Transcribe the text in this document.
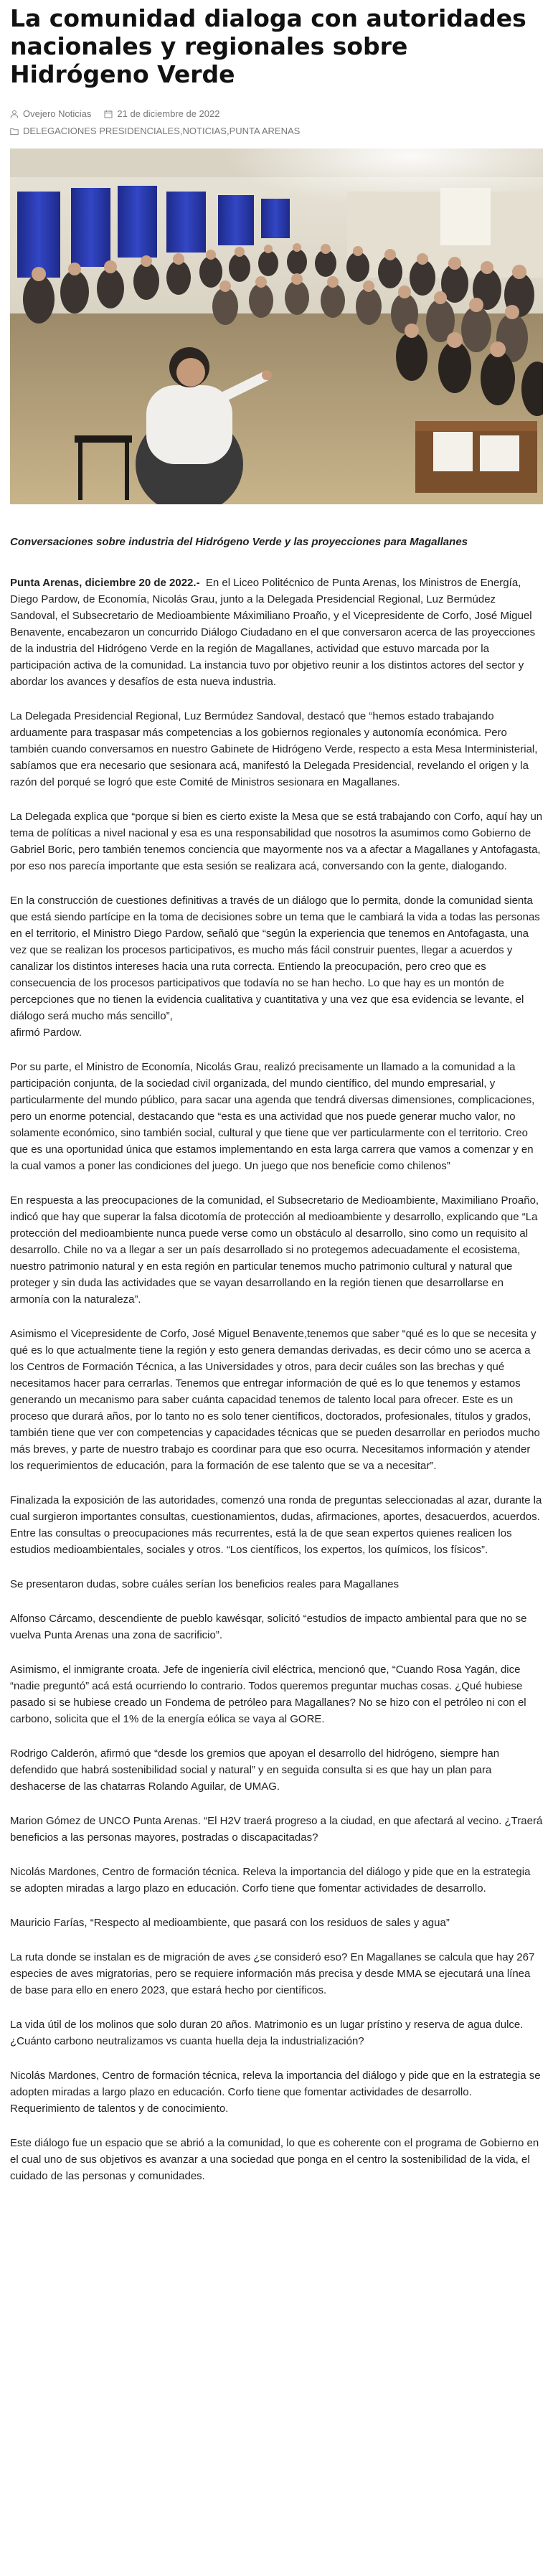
La comunidad dialoga con autoridades nacionales y regionales sobre Hidrógeno Verde
Ovejero Noticias	21 de diciembre de 2022
DELEGACIONES PRESIDENCIALES , NOTICIAS , PUNTA ARENAS
Conversaciones sobre industria del Hidrógeno Verde y las proyecciones para Magallanes

Punta Arenas, diciembre 20 de 2022.- En el Liceo Politécnico de Punta Arenas, los Ministros de Energía, Diego Pardow, de Economía, Nicolás Grau, junto a la Delegada Presidencial Regional, Luz Bermúdez Sandoval, el Subsecretario de Medioambiente Máximiliano Proaño, y el Vicepresidente de Corfo, José Miguel Benavente, encabezaron un concurrido Diálogo Ciudadano en el que conversaron acerca de las proyecciones de la industria del Hidrógeno Verde en la región de Magallanes, actividad que estuvo marcada por la participación activa de la comunidad. La instancia tuvo por objetivo reunir a los distintos actores del sector y abordar los avances y desafíos de esta nueva industria.

La Delegada Presidencial Regional, Luz Bermúdez Sandoval, destacó que “hemos estado trabajando arduamente para traspasar más competencias a los gobiernos regionales y autonomía económica. Pero también cuando conversamos en nuestro Gabinete de Hidrógeno Verde, respecto a esta Mesa Interministerial, sabíamos que era necesario que sesionara acá, manifestó la Delegada Presidencial, revelando el origen y la razón del porqué se logró que este Comité de Ministros sesionara en Magallanes.

La Delegada explica que “porque si bien es cierto existe la Mesa que se está trabajando con Corfo, aquí hay un tema de políticas a nivel nacional y esa es una responsabilidad que nosotros la asumimos como Gobierno de Gabriel Boric, pero también tenemos conciencia que mayormente nos va a afectar a Magallanes y Antofagasta, por eso nos parecía importante que esta sesión se realizara acá, conversando con la gente, dialogando.

En la construcción de cuestiones definitivas a través de un diálogo que lo permita, donde la comunidad sienta que está siendo partícipe en la toma de decisiones sobre un tema que le cambiará la vida a todas las personas en el territorio, el Ministro Diego Pardow, señaló que “según la experiencia que tenemos en Antofagasta, una vez que se realizan los procesos participativos, es mucho más fácil construir puentes, llegar a acuerdos y canalizar los distintos intereses hacia una ruta correcta. Entiendo la preocupación, pero creo que es consecuencia de los procesos participativos que todavía no se han hecho. Lo que hay es un montón de percepciones que no tienen la evidencia cualitativa y cuantitativa y una vez que esa evidencia se levante, el diálogo será mucho más sencillo”,
afirmó Pardow.

Por su parte, el Ministro de Economía, Nicolás Grau, realizó precisamente un llamado a la comunidad a la participación conjunta, de la sociedad civil organizada, del mundo científico, del mundo empresarial, y particularmente del mundo público, para sacar una agenda que tendrá diversas dimensiones, complicaciones, pero un enorme potencial, destacando que “esta es una actividad que nos puede generar mucho valor, no solamente económico, sino también social, cultural y que tiene que ver particularmente con el territorio. Creo que es una oportunidad única que estamos implementando en esta larga carrera que vamos a comenzar y en la cual vamos a poner las condiciones del juego. Un juego que nos beneficie como chilenos”

En respuesta a las preocupaciones de la comunidad, el Subsecretario de Medioambiente, Maximiliano Proaño, indicó que hay que superar la falsa dicotomía de protección al medioambiente y desarrollo, explicando que “La protección del medioambiente nunca puede verse como un obstáculo al desarrollo, sino como un requisito al desarrollo. Chile no va a llegar a ser un país desarrollado si no protegemos adecuadamente el ecosistema, nuestro patrimonio natural y en esta región en particular tenemos mucho patrimonio cultural y natural que proteger y sin duda las actividades que se vayan desarrollando en la región tienen que desarrollarse en armonía con la naturaleza”.

Asimismo el Vicepresidente de Corfo, José Miguel Benavente,tenemos que saber “qué es lo que se necesita y qué es lo que actualmente tiene la región y esto genera demandas derivadas, es decir cómo uno se acerca a los Centros de Formación Técnica, a las Universidades y otros, para decir cuáles son las brechas y qué necesitamos hacer para cerrarlas. Tenemos que entregar información de qué es lo que tenemos y estamos generando un mecanismo para saber cuánta capacidad tenemos de talento local para ofrecer. Este es un proceso que durará años, por lo tanto no es solo tener científicos, doctorados, profesionales, títulos y grados, también tiene que ver con competencias y capacidades técnicas que se pueden desarrollar en periodos mucho más breves, y parte de nuestro trabajo es coordinar para que eso ocurra. Necesitamos información y atender los requerimientos de educación, para la formación de ese talento que se va a necesitar”.

Finalizada la exposición de las autoridades, comenzó una ronda de preguntas seleccionadas al azar, durante la cual surgieron importantes consultas, cuestionamientos, dudas, afirmaciones, aportes, desacuerdos, acuerdos. Entre las consultas o preocupaciones más recurrentes, está la de que sean expertos quienes realicen los estudios medioambientales, sociales y otros. “Los científicos, los expertos, los químicos, los físicos”.

Se presentaron dudas, sobre cuáles serían los beneficios reales para Magallanes

Alfonso Cárcamo, descendiente de pueblo kawésqar, solicitó “estudios de impacto ambiental para que no se vuelva Punta Arenas una zona de sacrificio”.

Asimismo, el inmigrante croata. Jefe de ingeniería civil eléctrica, mencionó que, “Cuando Rosa Yagán, dice “nadie preguntó” acá está ocurriendo lo contrario. Todos queremos preguntar muchas cosas. ¿Qué hubiese pasado si se hubiese creado un Fondema de petróleo para Magallanes? No se hizo con el petróleo ni con el carbono, solicita que el 1% de la energía eólica se vaya al GORE.

Rodrigo Calderón, afirmó que “desde los gremios que apoyan el desarrollo del hidrógeno, siempre han defendido que habrá sostenibilidad social y natural” y en seguida consulta si es que hay un plan para deshacerse de las chatarras Rolando Aguilar, de UMAG.

Marion Gómez de UNCO Punta Arenas. “El H2V traerá progreso a la ciudad, en que afectará al vecino. ¿Traerá beneficios a las personas mayores, postradas o discapacitadas?

Nicolás Mardones, Centro de formación técnica. Releva la importancia del diálogo y pide que en la estrategia se adopten miradas a largo plazo en educación. Corfo tiene que fomentar actividades de desarrollo.

Mauricio Farías, “Respecto al medioambiente, que pasará con los residuos de sales y agua”

La ruta donde se instalan es de migración de aves ¿se consideró eso? En Magallanes se calcula que hay 267 especies de aves migratorias, pero se requiere información más precisa y desde MMA se ejecutará una línea de base para ello en enero 2023, que estará hecho por científicos.

La vida útil de los molinos que solo duran 20 años. Matrimonio es un lugar prístino y reserva de agua dulce. ¿Cuánto carbono neutralizamos vs cuanta huella deja la industrialización?

Nicolás Mardones, Centro de formación técnica, releva la importancia del diálogo y pide que en la estrategia se adopten miradas a largo plazo en educación. Corfo tiene que fomentar actividades de desarrollo. Requerimiento de talentos y de conocimiento.

Este diálogo fue un espacio que se abrió a la comunidad, lo que es coherente con el programa de Gobierno en el cual uno de sus objetivos es avanzar a una sociedad que ponga en el centro la sostenibilidad de la vida, el cuidado de las personas y comunidades.
